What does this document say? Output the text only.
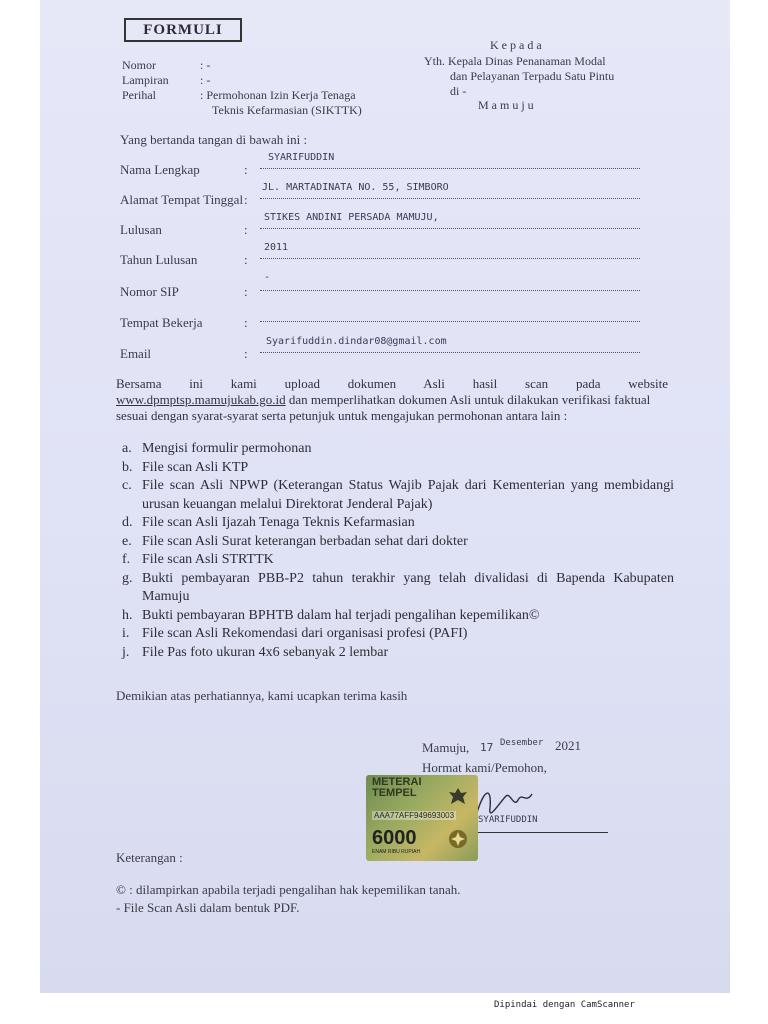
FORMULI
K e p a d a
Yth. Kepala Dinas Penanaman Modal
dan Pelayanan Terpadu Satu Pintu
di -
M a m u j u
Nomor	: -
Lampiran	: -
Perihal	: Permohonan Izin Kerja Tenaga
Teknis Kefarmasian (SIKTTK)
Yang bertanda tangan di bawah ini :
Nama Lengkap	:
SYARIFUDDIN
Alamat Tempat Tinggal :
JL. MARTADINATA NO. 55, SIMBORO
Lulusan	:
STIKES ANDINI PERSADA MAMUJU,
Tahun Lulusan	:
2011
Nomor SIP	:
-
Tempat Bekerja	:
Email	:
Syarifuddin.dindar08@gmail.com
Bersama ini kami upload dokumen Asli hasil scan pada website
www.dpmptsp.mamujukab.go.id dan memperlihatkan dokumen Asli untuk dilakukan verifikasi faktual sesuai dengan syarat-syarat serta petunjuk untuk mengajukan permohonan antara lain :
a. Mengisi formulir permohonan
b. File scan Asli KTP
c. File scan Asli NPWP (Keterangan Status Wajib Pajak dari Kementerian yang membidangi urusan keuangan melalui Direktorat Jenderal Pajak)
d. File scan Asli Ijazah Tenaga Teknis Kefarmasian
e. File scan Asli Surat keterangan berbadan sehat dari dokter
f. File scan Asli STRTTK
g. Bukti pembayaran PBB-P2 tahun terakhir yang telah divalidasi di Bapenda Kabupaten Mamuju
h. Bukti pembayaran BPHTB dalam hal terjadi pengalihan kepemilikan©
i. File scan Asli Rekomendasi dari organisasi profesi (PAFI)
j. File Pas foto ukuran 4x6 sebanyak 2 lembar
Demikian atas perhatiannya, kami ucapkan terima kasih
Mamuju, 17 Desember 2021
Hormat kami/Pemohon,
SYARIFUDDIN
METERAI
TEMPEL
AAA77AFF949693003
6000
ENAM RIBU RUPIAH
Keterangan :
© : dilampirkan apabila terjadi pengalihan hak kepemilikan tanah.
- File Scan Asli dalam bentuk PDF.
Dipindai dengan CamScanner
